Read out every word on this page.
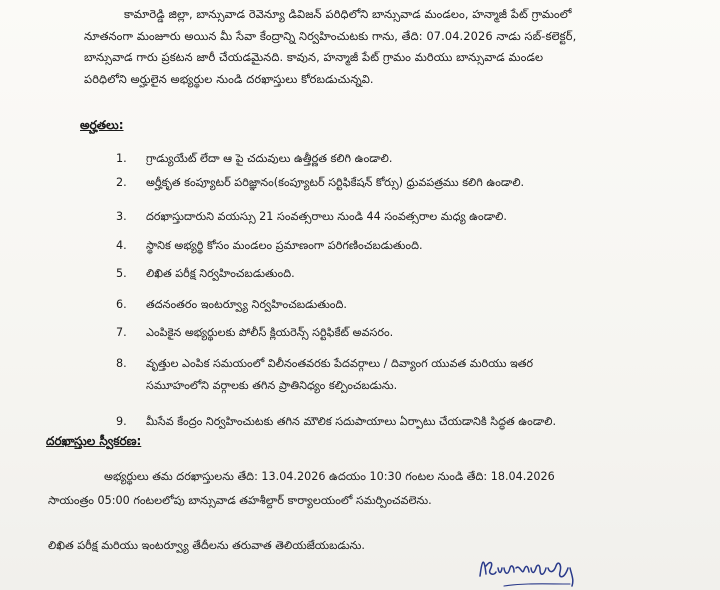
కామారెడ్డి జిల్లా, బాన్సువాడ రెవెన్యూ డివిజన్ పరిధిలోని బాన్సువాడ మండలం, హన్మాజీ పేట్ గ్రామంలో
నూతనంగా మంజూరు అయిన మీ సేవా కేంద్రాన్ని నిర్వహించుటకు గాను, తేది: 07.04.2026 నాడు సబ్-కలెక్టర్,
బాన్సువాడ గారు ప్రకటన జారీ చేయడమైనది. కావున, హన్మాజీ పేట్ గ్రామం మరియు బాన్సువాడ మండల
పరిధిలోని అర్హులైన అభ్యర్థుల నుండి దరఖాస్తులు కోరబడుచున్నవి.
అర్హతలు:
1.	గ్రాడ్యుయేట్ లేదా ఆ పై చదువులు ఉత్తీర్ణత కలిగి ఉండాలి.
2.	అర్హీకృత కంప్యూటర్ పరిజ్ఞానం(కంప్యూటర్ సర్టిఫికేషన్ కోర్సు) ధ్రువపత్రము కలిగి ఉండాలి.
3.	దరఖాస్తుదారుని వయస్సు 21 సంవత్సరాలు నుండి 44 సంవత్సరాల మధ్య ఉండాలి.
4.	స్థానిక అభ్యర్థి కోసం మండలం ప్రమాణంగా పరిగణించబడుతుంది.
5.	లిఖిత పరీక్ష నిర్వహించబడుతుంది.
6.	తదనంతరం ఇంటర్వ్యూ నిర్వహించబడుతుంది.
7.	ఎంపికైన అభ్యర్థులకు పోలీస్ క్లియరెన్స్ సర్టిఫికేట్ అవసరం.
8.	వృత్తుల ఎంపిక సమయంలో విలీనంతవరకు పేదవర్గాలు / దివ్యాంగ యువత మరియు ఇతర
సమూహంలోని వర్గాలకు తగిన ప్రాతినిధ్యం కల్పించబడును.
9.	మీసేవ కేంద్రం నిర్వహించుటకు తగిన మౌలిక సదుపాయాలు ఏర్పాటు చేయడానికి సిద్ధత ఉండాలి.
దరఖాస్తుల స్వీకరణ:
అభ్యర్థులు తమ దరఖాస్తులను తేది: 13.04.2026 ఉదయం 10:30 గంటల నుండి తేది: 18.04.2026
సాయంత్రం 05:00 గంటలలోపు బాన్సువాడ తహశీల్దార్ కార్యాలయంలో సమర్పించవలెను.
లిఖిత పరీక్ష మరియు ఇంటర్వ్యూ తేదీలను తరువాత తెలియజేయబడును.
